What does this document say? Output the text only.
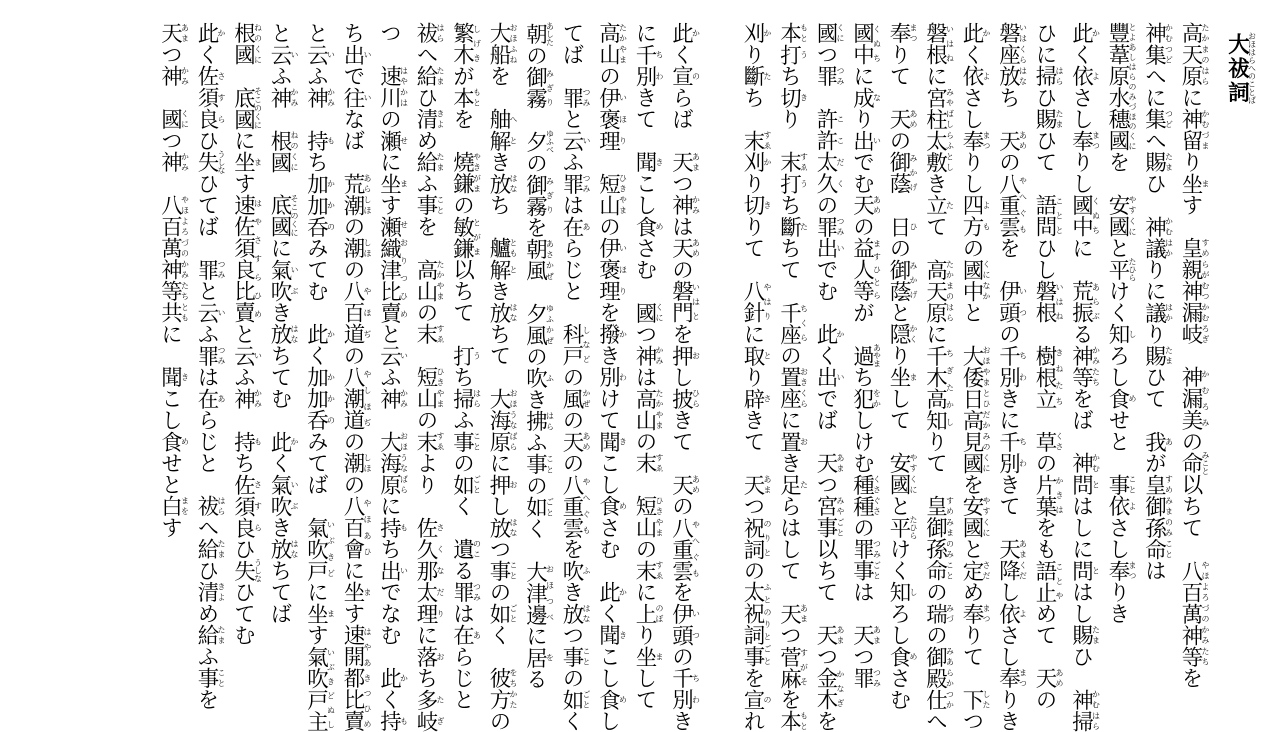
大祓詞おほはらへのことば
高天原たかまのはらに神留かむづまり坐ます　皇親神漏岐すめらがむつかむろぎ　神漏美かむろみの命みこと以ちて　八百萬神等やほよろづのかみたちを
神かむ集つどへに集つどへ賜たまひ　神議かむはかりに議はかり賜たまひて　我あが皇御孫命すめみまのみことは
豐葦原水穗國とよあしはらのみづほのくにを　安國やすくにと平たひらけく知しろし食めせと　事こと依よさし奉まつりき
此かく依よさし奉まつりし國中くぬちに　荒振あらぶる神等かみたちをば　神かむ問とはしに問とはし賜たまひ　神掃かむはら
ひに掃はらひ賜たまひて　語問こととひし磐根いはね　樹根立きねたち　草くさの片葉かきはをも語止ことやめて　天あめの
磐座いはくら放はなち　天あめの八重雲やへぐもを　伊頭いつの千別ちわきに千別ちわきて　天降あまくだし依よさし奉まつりき
此かく依よさし奉まつりし四方よもの國中くになかと　大倭日高見國おほやまとひだかみのくにを安國やすくにと定さだめ奉まつりて　下したつ
磐根いはねに宮柱太敷みやばしらふとしき立たて　高天原たかまのはらに千木高知ちぎたかしりて　皇御孫命すめみまのみことの瑞みづの御殿みあらか仕つかへ
奉まつりて　天あめの御蔭みかげ　日ひの御蔭みかげと隠かくり坐まして　安國やすくにと平たひらけく知しろし食めさむ
國中くぬちに成なり出いでむ天あめの益人等ますひとらが　過あやまち犯をかしけむ種種くさぐさの罪事つみごとは　天あまつ罪つみ
國くにつ罪つみ　許許太久ここだくの罪つみ出いでむ　此かく出いでば　天あまつ宮事みやごと以ちて　天あまつ金木かなぎを
本もと打うち切きり　末すゑ打うち斷たちて　千座ちくらの置座おきくらに置おき足たらはして　天あまつ菅麻すがそを本もと
刈かり斷たち　末すゑ刈かり切きりて　八針やはりに取とり辟さきて　天あまつ祝詞のりとの太祝詞事ふとのりとごとを宣のれ

此かく宣のらば　天あまつ神かみは天あめの磐門いはとを押おし披ひらきて　天あめの八重雲やへぐもを伊頭いつの千別ちわき
に千別ちわきて　聞きこし食めさむ　國くにつ神かみは高山たかやまの末すゑ　短山ひきやまの末すゑに上のぼり坐まして
高山たかやまの伊褒理いほり　短山ひきやまの伊褒理いほりを撥かき別わけて聞きこし食めさむ　此かく聞きこし食めし
てば　罪つみと云いふ罪つみは在あらじと　科戸しなどの風かぜの天あめの八重雲やへぐもを吹ふき放はなつ事ことの如ごとく
朝あしたの御霧みぎり　夕ゆふべの御霧みぎりを朝風あさかぜ　夕風ゆふかぜの吹ふき拂はらふ事ことの如ごとく　大津邊おほつべに居をる
大船おほふねを　舳へ解とき放はなち　艫とも解とき放はなちて　大海原おほうなばらに押おし放はなつ事ことの如ごとく　彼方をちかたの
繁木しげきが本もとを　燒鎌やきがまの敏鎌とがま以ちて　打うち掃はらふ事ことの如ごとく　遺のこる罪つみは在あらじと
祓はらへ給たまひ清きよめ給たまふ事ことを　高山たかやまの末すゑ　短山ひきやまの末すゑより　佐久那太理さくなだりに落おち多岐たぎ
つ　速川はやかはの瀬せに坐ます瀬織津比賣せおりつひめと云いふ神かみ　大海原おほうなばらに持もち出いでなむ　此かく持も
ち出いで往いなば　荒潮あらしほの潮しほの八百道やほぢの八潮道やしほぢの潮しほの八百會やほあひに坐ます速開都比賣はやあきつひめ
と云いふ神かみ　持もち加加呑かかのみてむ　此かく加加呑かかのみてば　氣吹戸いぶきどに坐ます氣吹戸主いぶきどぬし
と云いふ神かみ　根國ねのくに　底國そこのくにに氣吹いぶき放はなちてむ　此かく氣吹いぶき放はなちてば
根國ねのくに　底國そこのくにに坐ます速佐須良比賣はやさすらひめと云いふ神かみ　持もち佐須良さすらひ失うしなひてむ
此かく佐須良さすらひ失うしなひてば　罪つみと云いふ罪つみは在あらじと　祓はらへ給たまひ清きよめ給たまふ事ことを
天あまつ神かみ　國くにつ神かみ　八百萬神等共やほよろづのかみたちともに　聞きこし食めせと白まをす
